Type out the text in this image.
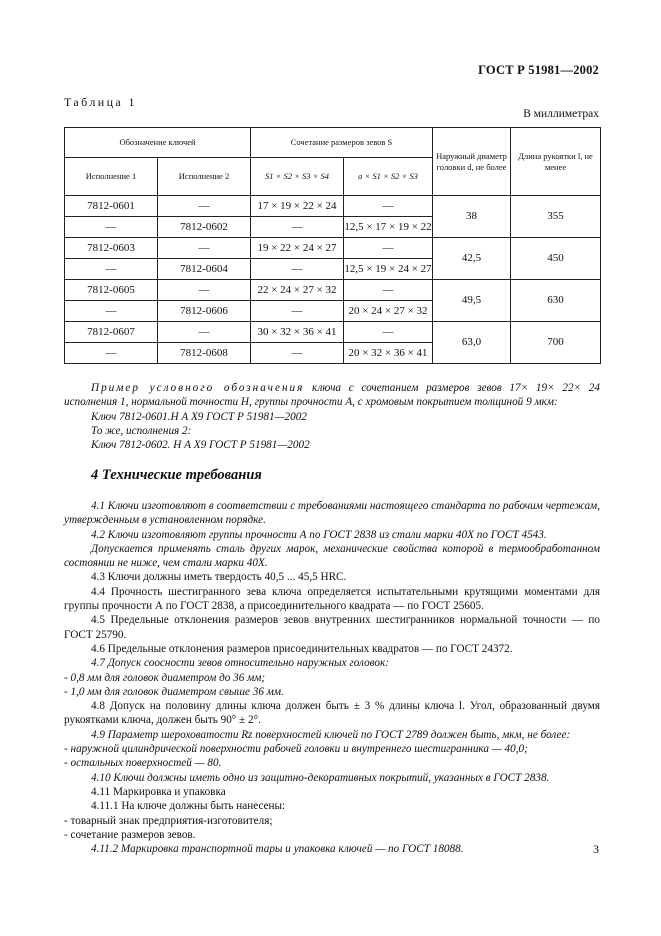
ГОСТ Р 51981—2002
Таблица 1
В миллиметрах
Обозначение ключей		Сочетание размеров зевов S		Наружный диаметр головки d, не более	Длина рукоятки l, не менее
Исполнение 1	Исполнение 2	S1 × S2 × S3 × S4	a × S1 × S2 × S3		
7812-0601	—	17 × 19 × 22 × 24	—	38	355
—	7812-0602	—	12,5 × 17 × 19 × 22		
7812-0603	—	19 × 22 × 24 × 27	—	42,5	450
—	7812-0604	—	12,5 × 19 × 24 × 27		
7812-0605	—	22 × 24 × 27 × 32	—	49,5	630
—	7812-0606	—	20 × 24 × 27 × 32		
7812-0607	—	30 × 32 × 36 × 41	—	63,0	700
—	7812-0608	—	20 × 32 × 36 × 41		

Пример условного обозначения ключа с сочетанием размеров зевов 17× 19× 22× 24 исполнения 1, нормальной точности Н, группы прочности А, с хромовым покрытием толщиной 9 мкм:

Ключ 7812-0601.Н А Х9 ГОСТ Р 51981—2002

То же, исполнения 2:

Ключ 7812-0602. Н А Х9 ГОСТ Р 51981—2002

4 Технические требования

4.1 Ключи изготовляют в соответствии с требованиями настоящего стандарта по рабочим чертежам, утвержденным в установленном порядке.

4.2 Ключи изготовляют группы прочности А по ГОСТ 2838 из стали марки 40Х по ГОСТ 4543.

Допускается применять сталь других марок, механические свойства которой в термообработанном состоянии не ниже, чем стали марки 40Х.

4.3 Ключи должны иметь твердость 40,5 ... 45,5 HRC.

4.4 Прочность шестигранного зева ключа определяется испытательными крутящими моментами для группы прочности А по ГОСТ 2838, а присоединительного квадрата — по ГОСТ 25605.

4.5 Предельные отклонения размеров зевов внутренних шестигранников нормальной точности — по ГОСТ 25790.

4.6 Предельные отклонения размеров присоединительных квадратов — по ГОСТ 24372.

4.7 Допуск соосности зевов относительно наружных головок:

- 0,8 мм для головок диаметром до 36 мм;

- 1,0 мм для головок диаметром свыше 36 мм.

4.8 Допуск на половину длины ключа должен быть ± 3 % длины ключа l. Угол, образованный двумя рукоятками ключа, должен быть 90° ± 2°.

4.9 Параметр шероховатости Rz поверхностей ключей по ГОСТ 2789 должен быть, мкм, не более:

- наружной цилиндрической поверхности рабочей головки и внутреннего шестигранника — 40,0;

- остальных поверхностей — 80.

4.10 Ключи должны иметь одно из защитно-декоративных покрытий, указанных в ГОСТ 2838.

4.11 Маркировка и упаковка

4.11.1 На ключе должны быть нанесены:

- товарный знак предприятия-изготовителя;

- сочетание размеров зевов.

4.11.2 Маркировка транспортной тары и упаковка ключей — по ГОСТ 18088.	3
